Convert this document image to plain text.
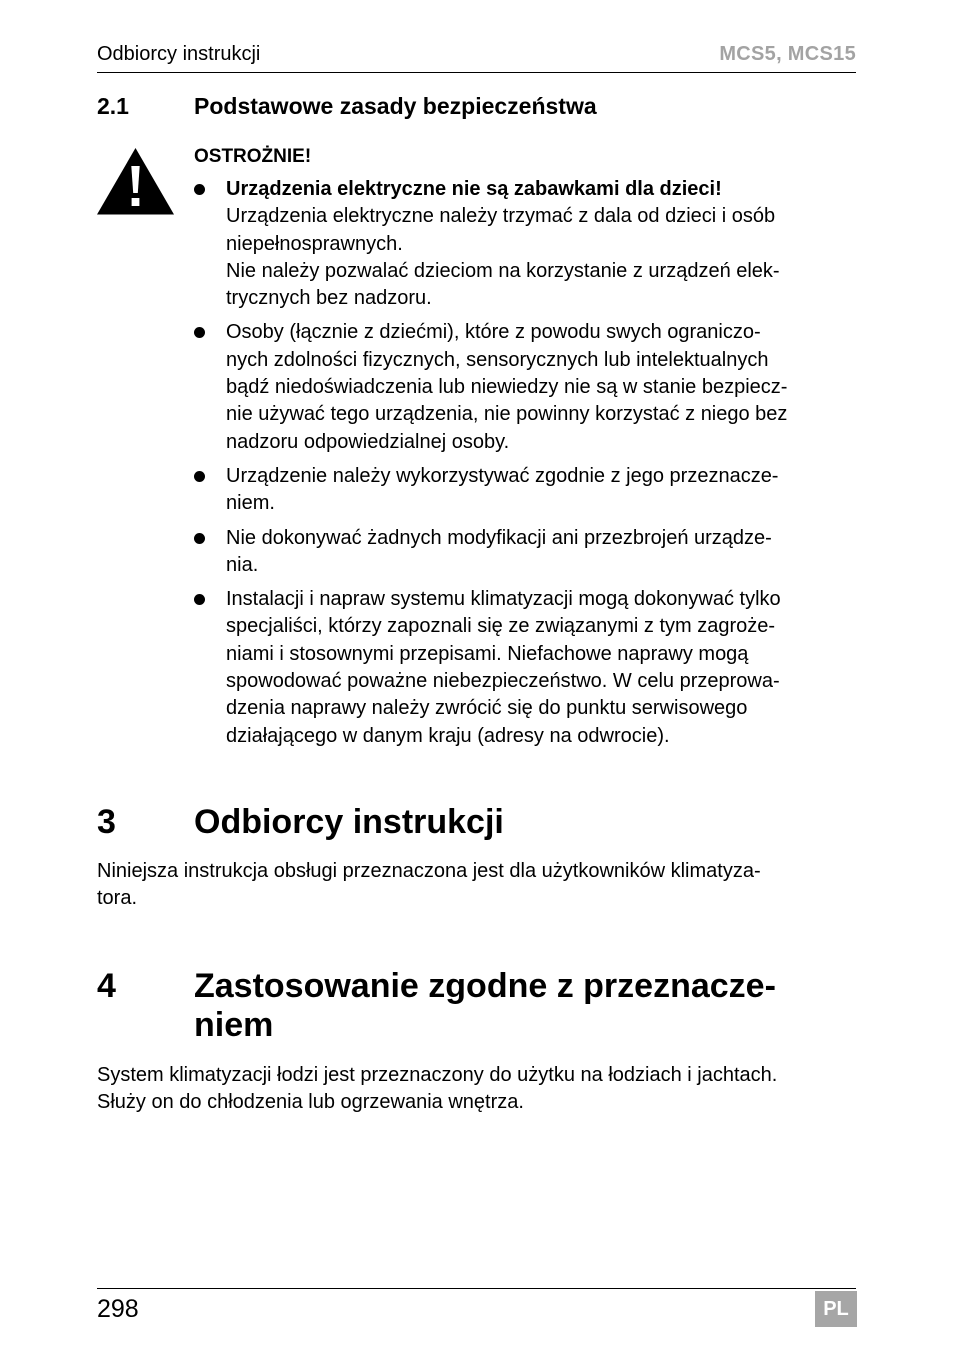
Odbiorcy instrukcji	MCS5, MCS15
2.1	Podstawowe zasady bezpieczeństwa
OSTROŻNIE!
Urządzenia elektryczne nie są zabawkami dla dzieci!
Urządzenia elektryczne należy trzymać z dala od dzieci i osób
niepełnosprawnych.
Nie należy pozwalać dzieciom na korzystanie z urządzeń elek-
trycznych bez nadzoru.
Osoby (łącznie z dziećmi), które z powodu swych ograniczo-
nych zdolności fizycznych, sensorycznych lub intelektualnych
bądź niedoświadczenia lub niewiedzy nie są w stanie bezpiecz-
nie używać tego urządzenia, nie powinny korzystać z niego bez
nadzoru odpowiedzialnej osoby.
Urządzenie należy wykorzystywać zgodnie z jego przeznacze-
niem.
Nie dokonywać żadnych modyfikacji ani przezbrojeń urządze-
nia.
Instalacji i napraw systemu klimatyzacji mogą dokonywać tylko
specjaliści, którzy zapoznali się ze związanymi z tym zagroże-
niami i stosownymi przepisami. Niefachowe naprawy mogą
spowodować poważne niebezpieczeństwo. W celu przeprowa-
dzenia naprawy należy zwrócić się do punktu serwisowego
działającego w danym kraju (adresy na odwrocie).
3 Odbiorcy instrukcji
Niniejsza instrukcja obsługi przeznaczona jest dla użytkowników klimatyza-
tora.
4 Zastosowanie zgodne z przeznacze-
niem
System klimatyzacji łodzi jest przeznaczony do użytku na łodziach i jachtach.
Służy on do chłodzenia lub ogrzewania wnętrza.
298	PL
